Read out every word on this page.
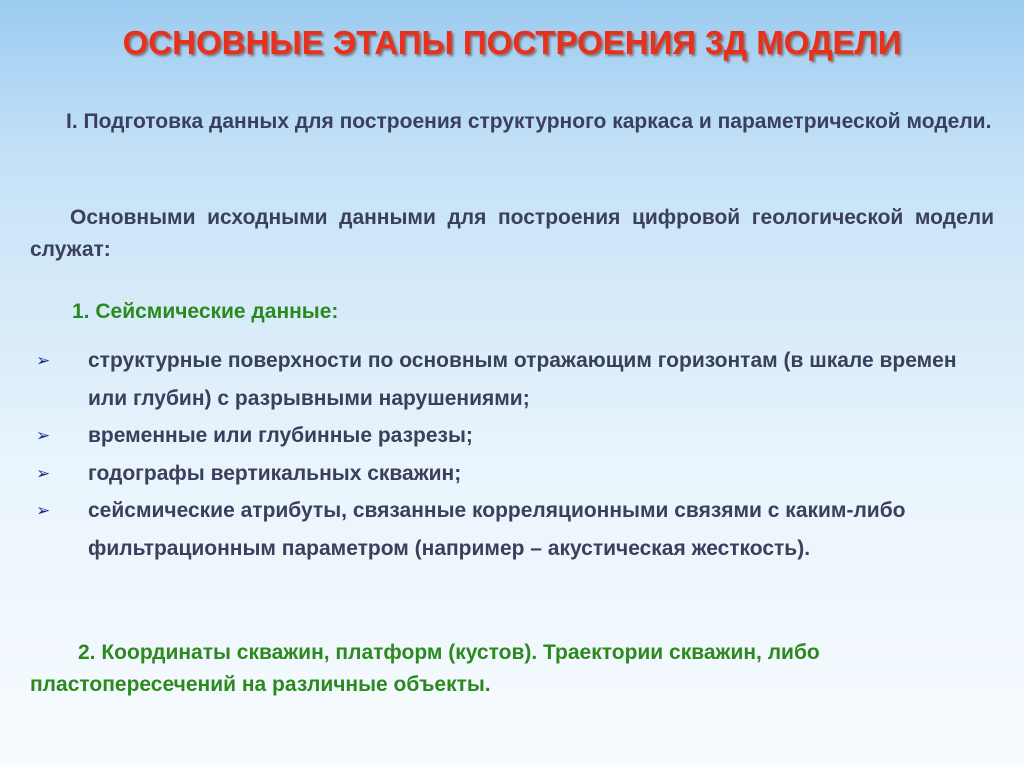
ОСНОВНЫЕ ЭТАПЫ ПОСТРОЕНИЯ 3Д МОДЕЛИ
I. Подготовка данных для построения структурного каркаса и параметрической модели.
Основными исходными данными для построения цифровой геологической модели служат:
1. Сейсмические данные:
➢ структурные поверхности по основным отражающим горизонтам (в шкале времен или глубин) с разрывными нарушениями;
➢ временные или глубинные разрезы;
➢ годографы вертикальных скважин;
➢ сейсмические атрибуты, связанные корреляционными связями с каким-либо фильтрационным параметром (например – акустическая жесткость).
2. Координаты скважин, платформ (кустов). Траектории скважин, либо пластопересечений на различные объекты.
